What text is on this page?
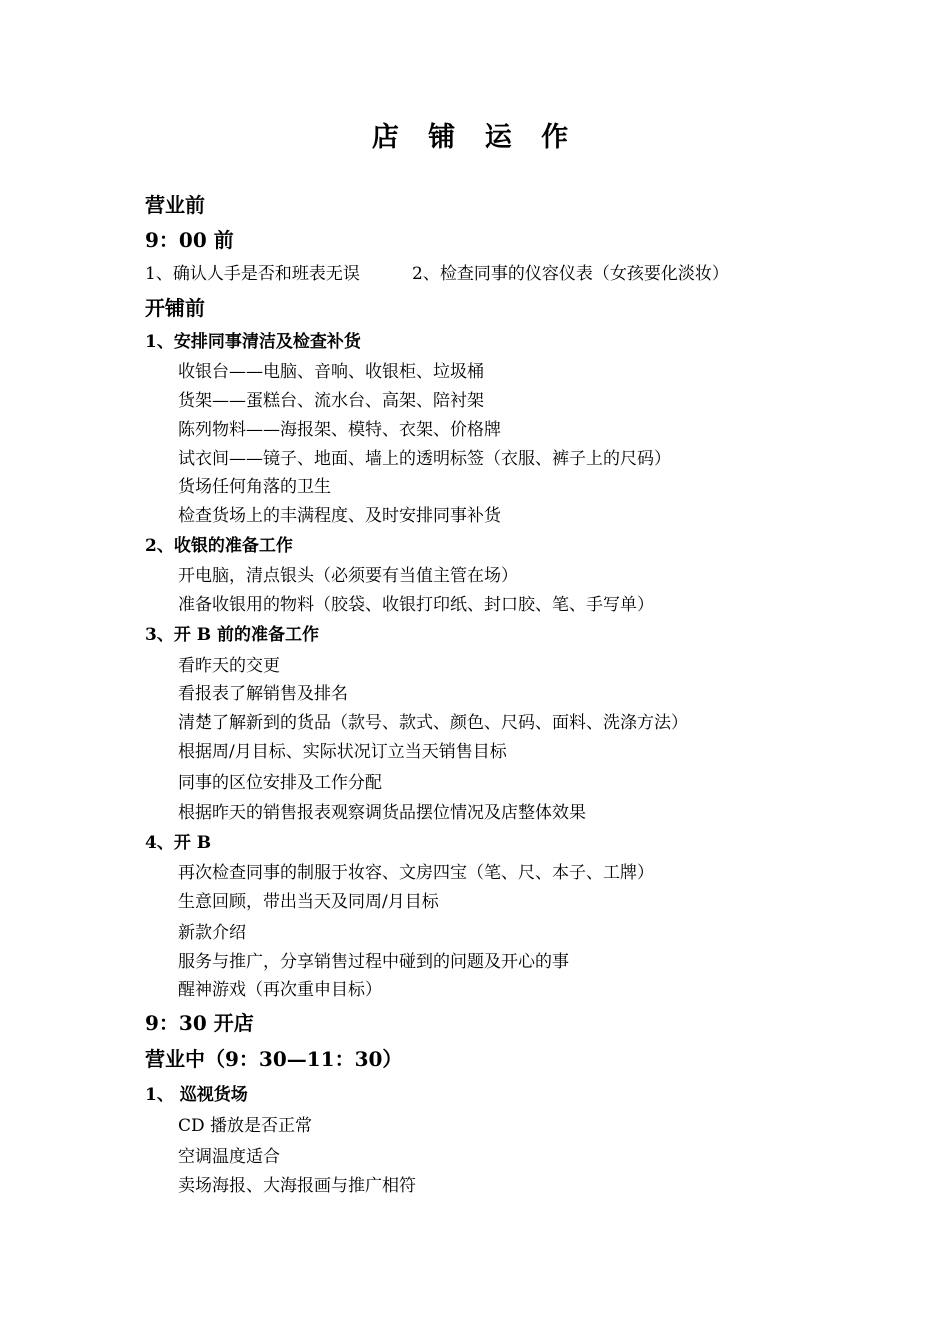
店 铺 运 作
营业前
9：00 前
1、确认人手是否和班表无误	2、检查同事的仪容仪表（女孩要化淡妆）
开铺前
1、安排同事清洁及检查补货
收银台——电脑、音响、收银柜、垃圾桶
货架——蛋糕台、流水台、高架、陪衬架
陈列物料——海报架、模特、衣架、价格牌
试衣间——镜子、地面、墙上的透明标签（衣服、裤子上的尺码）
货场任何角落的卫生
检查货场上的丰满程度、及时安排同事补货
2、收银的准备工作
开电脑，清点银头（必须要有当值主管在场）
准备收银用的物料（胶袋、收银打印纸、封口胶、笔、手写单）
3、开 B 前的准备工作
看昨天的交更
看报表了解销售及排名
清楚了解新到的货品（款号、款式、颜色、尺码、面料、洗涤方法）
根据周/月目标、实际状况订立当天销售目标
同事的区位安排及工作分配
根据昨天的销售报表观察调货品摆位情况及店整体效果
4、开 B
再次检查同事的制服于妆容、文房四宝（笔、尺、本子、工牌）
生意回顾，带出当天及同周/月目标
新款介绍
服务与推广，分享销售过程中碰到的问题及开心的事
醒神游戏（再次重申目标）
9：30 开店
营业中（9：30—11：30）
1、 巡视货场
CD 播放是否正常
空调温度适合
卖场海报、大海报画与推广相符
